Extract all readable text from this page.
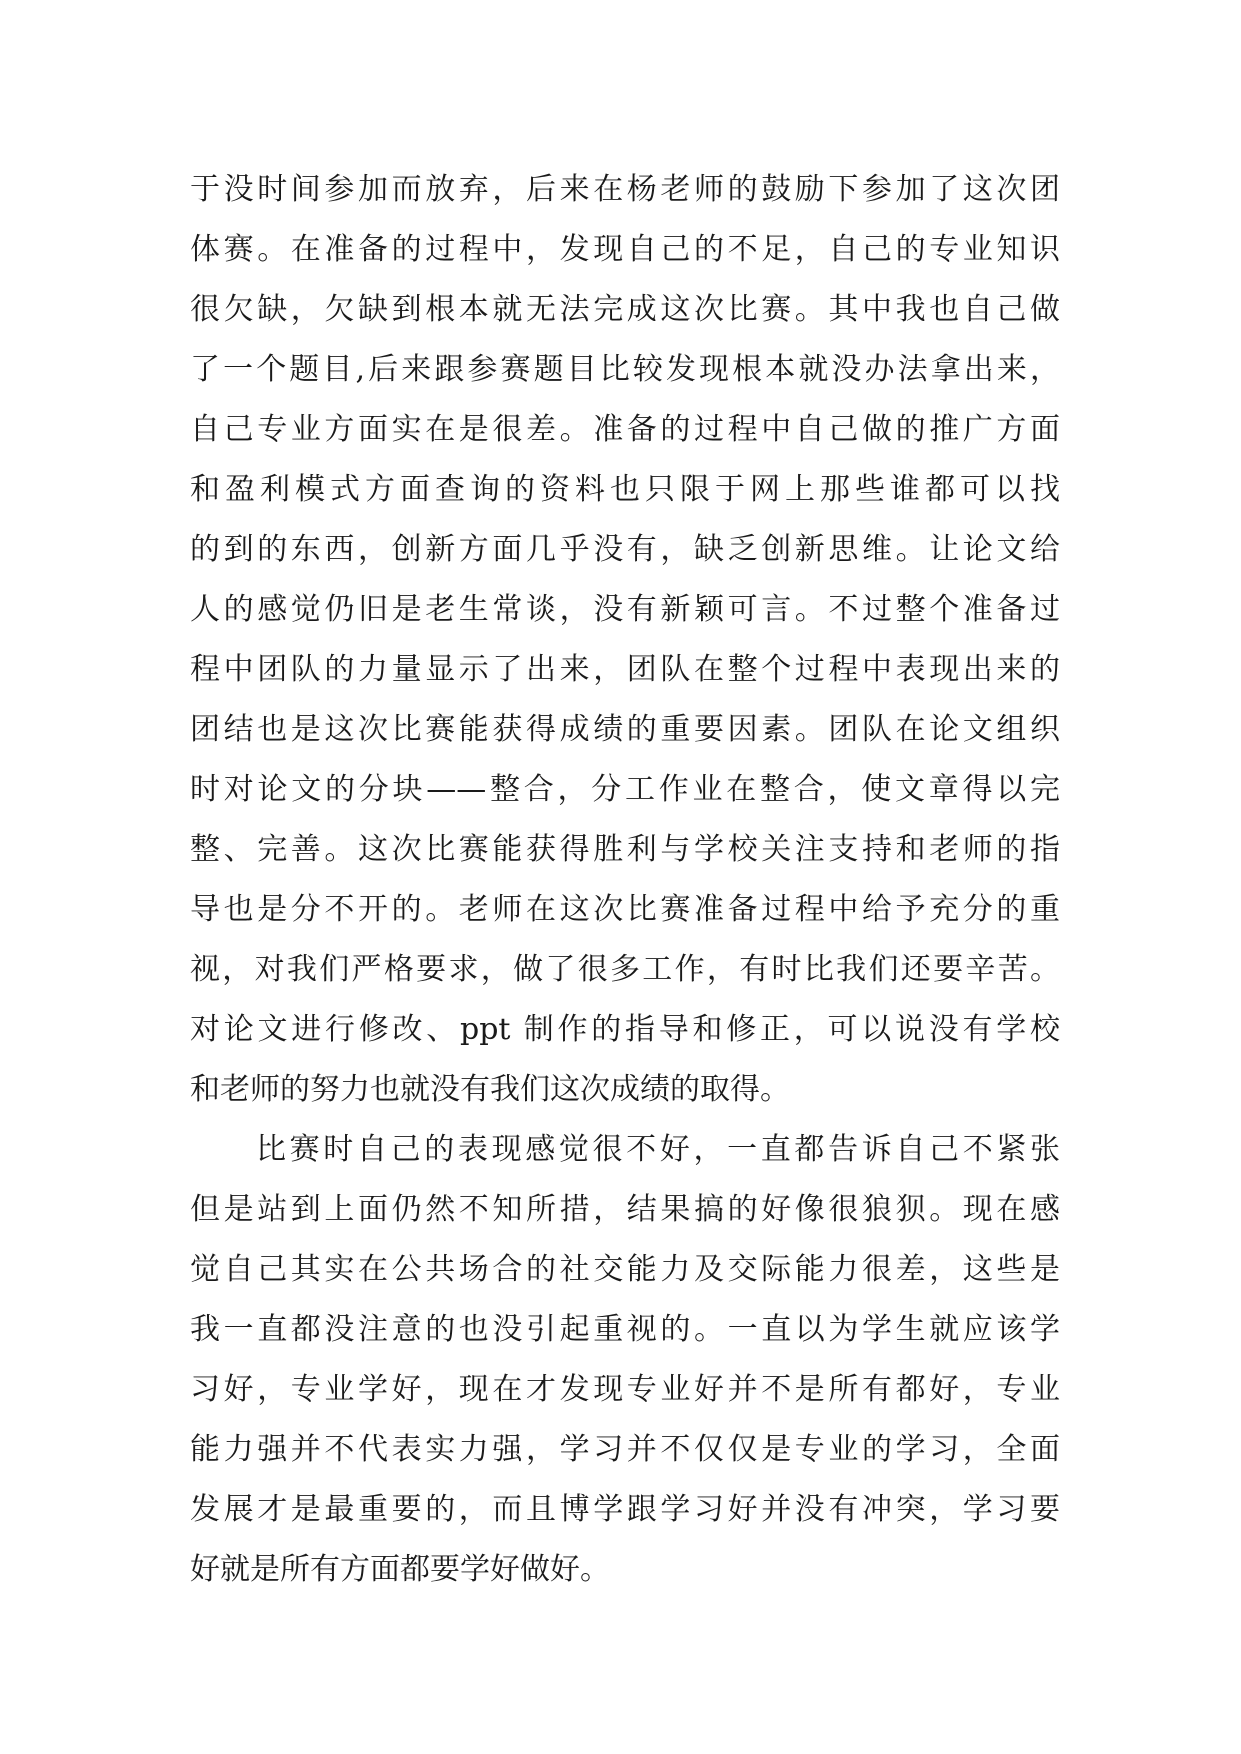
于没时间参加而放弃，后来在杨老师的鼓励下参加了这次团
体赛。在准备的过程中，发现自己的不足，自己的专业知识
很欠缺，欠缺到根本就无法完成这次比赛。其中我也自己做
了一个题目,后来跟参赛题目比较发现根本就没办法拿出来，
自己专业方面实在是很差。准备的过程中自己做的推广方面
和盈利模式方面查询的资料也只限于网上那些谁都可以找
的到的东西，创新方面几乎没有，缺乏创新思维。让论文给
人的感觉仍旧是老生常谈，没有新颖可言。不过整个准备过
程中团队的力量显示了出来，团队在整个过程中表现出来的
团结也是这次比赛能获得成绩的重要因素。团队在论文组织
时对论文的分块——整合，分工作业在整合，使文章得以完
整、完善。这次比赛能获得胜利与学校关注支持和老师的指
导也是分不开的。老师在这次比赛准备过程中给予充分的重
视，对我们严格要求，做了很多工作，有时比我们还要辛苦。
对论文进行修改、ppt 制作的指导和修正，可以说没有学校
和老师的努力也就没有我们这次成绩的取得。
比赛时自己的表现感觉很不好，一直都告诉自己不紧张
但是站到上面仍然不知所措，结果搞的好像很狼狈。现在感
觉自己其实在公共场合的社交能力及交际能力很差，这些是
我一直都没注意的也没引起重视的。一直以为学生就应该学
习好，专业学好，现在才发现专业好并不是所有都好，专业
能力强并不代表实力强，学习并不仅仅是专业的学习，全面
发展才是最重要的，而且博学跟学习好并没有冲突，学习要
好就是所有方面都要学好做好。
